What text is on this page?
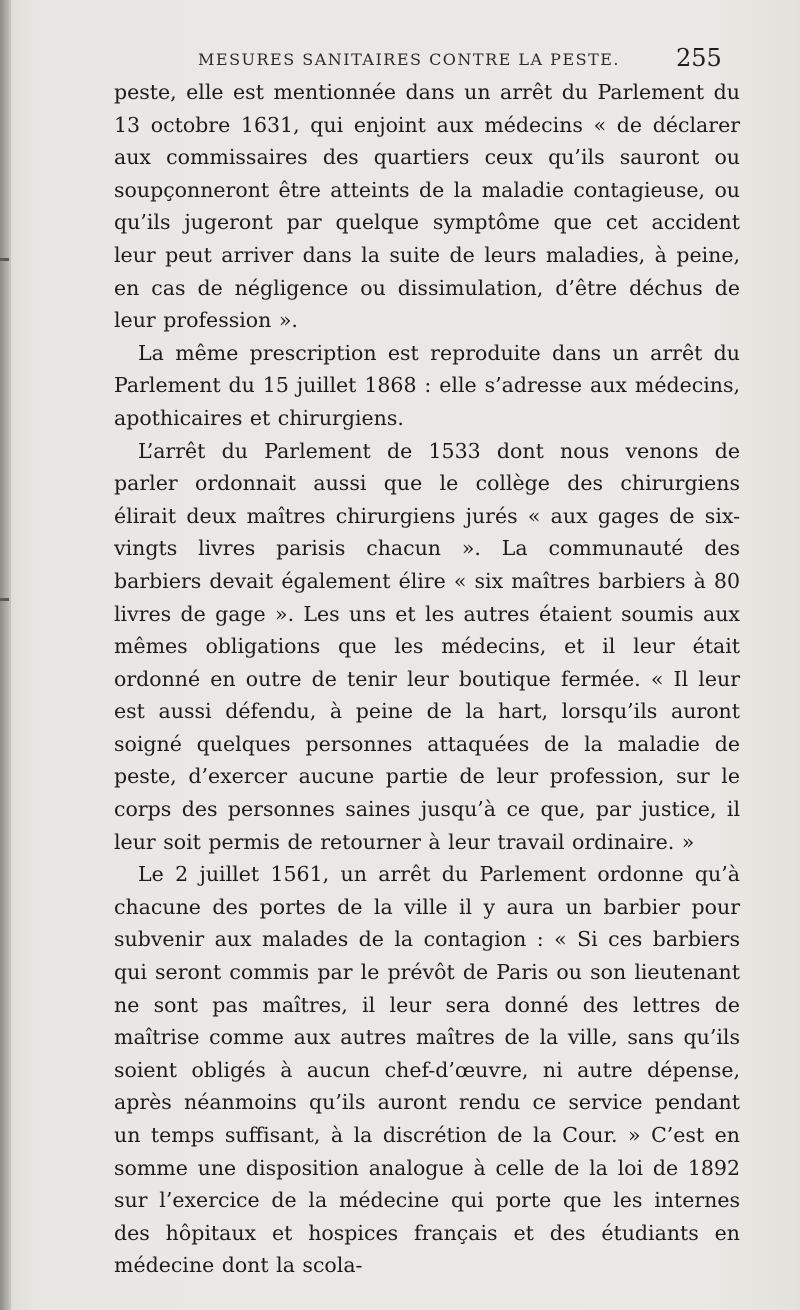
MESURES SANITAIRES CONTRE LA PESTE. 255

peste, elle est mentionnée dans un arrêt du Parlement du 13 octobre 1631, qui enjoint aux médecins « de déclarer aux commissaires des quartiers ceux qu’ils sauront ou soupçonneront être atteints de la maladie contagieuse, ou qu’ils jugeront par quelque symptôme que cet accident leur peut arriver dans la suite de leurs maladies, à peine, en cas de négligence ou dissimulation, d’être déchus de leur profession ».

La même prescription est reproduite dans un arrêt du Parlement du 15 juillet 1868 : elle s’adresse aux médecins, apothicaires et chirurgiens.

L’arrêt du Parlement de 1533 dont nous venons de parler ordonnait aussi que le collège des chirurgiens élirait deux maîtres chirurgiens jurés « aux gages de six-vingts livres parisis chacun ». La communauté des barbiers devait également élire « six maîtres barbiers à 80 livres de gage ». Les uns et les autres étaient soumis aux mêmes obligations que les médecins, et il leur était ordonné en outre de tenir leur boutique fermée. « Il leur est aussi défendu, à peine de la hart, lorsqu’ils auront soigné quelques personnes attaquées de la maladie de peste, d’exercer aucune partie de leur profession, sur le corps des personnes saines jusqu’à ce que, par justice, il leur soit permis de retourner à leur travail ordinaire. »

Le 2 juillet 1561, un arrêt du Parlement ordonne qu’à chacune des portes de la ville il y aura un barbier pour subvenir aux malades de la contagion : « Si ces barbiers qui seront commis par le prévôt de Paris ou son lieutenant ne sont pas maîtres, il leur sera donné des lettres de maîtrise comme aux autres maîtres de la ville, sans qu’ils soient obligés à aucun chef-d’œuvre, ni autre dépense, après néanmoins qu’ils auront rendu ce service pendant un temps suffisant, à la discrétion de la Cour. » C’est en somme une disposition analogue à celle de la loi de 1892 sur l’exercice de la médecine qui porte que les internes des hôpitaux et hospices français et des étudiants en médecine dont la scola-
